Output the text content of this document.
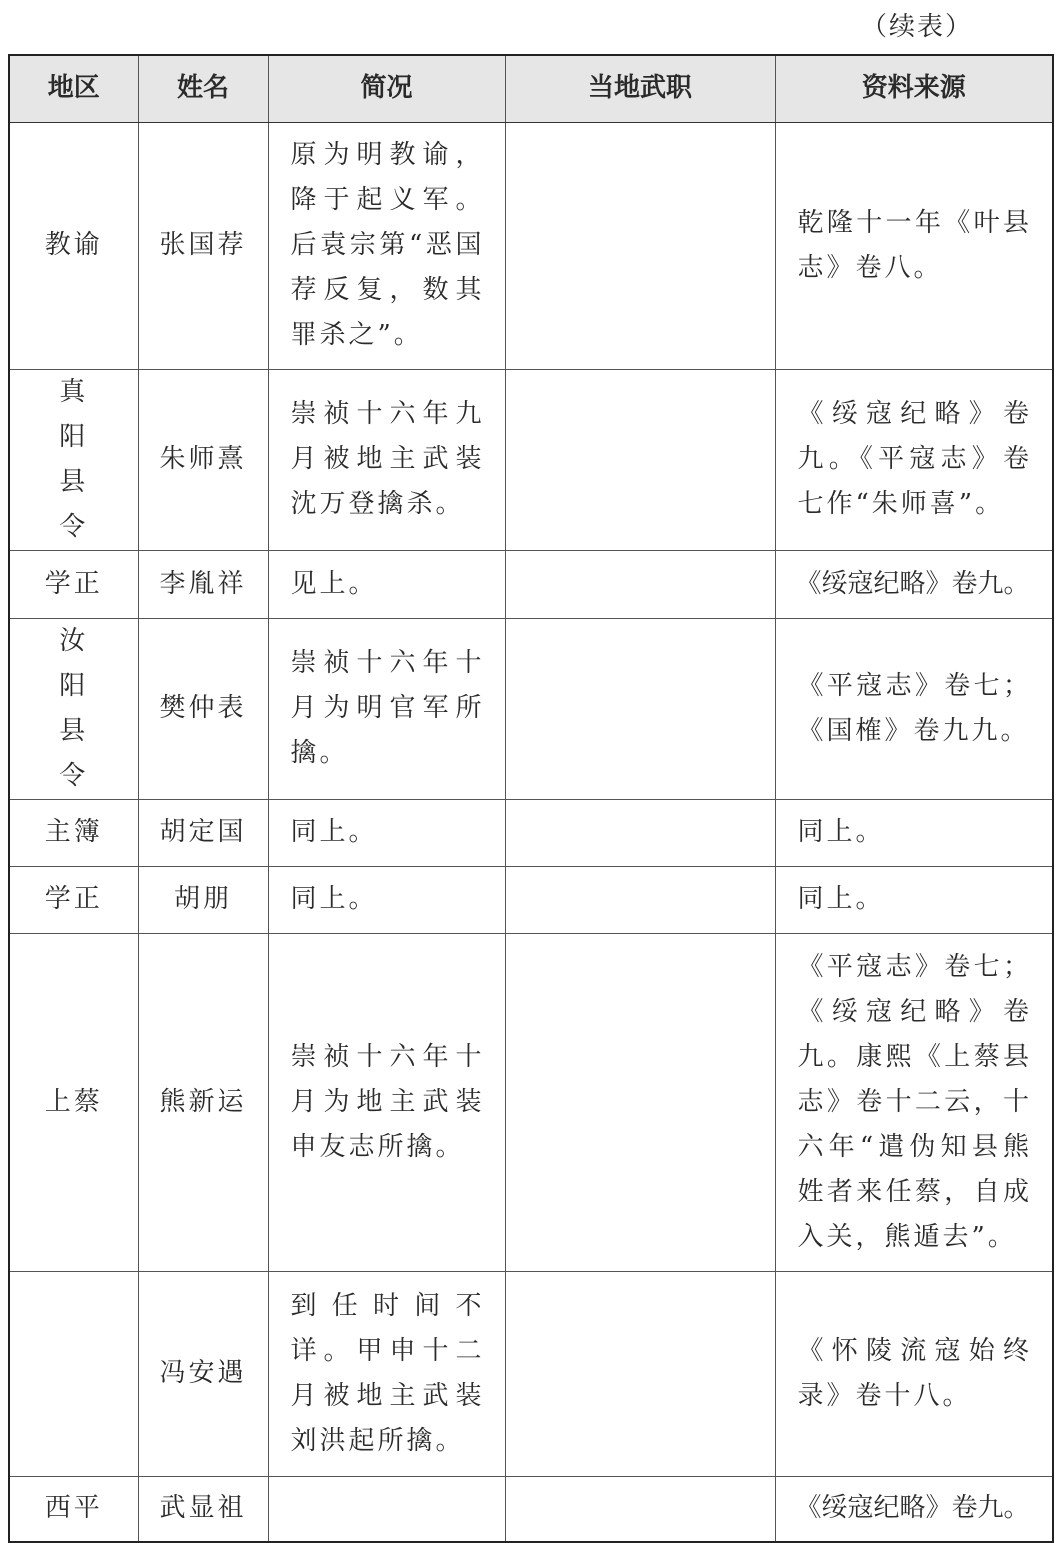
（续表）
地区	姓名	简况	当地武职	资料来源
教谕	张国荐	原为明教谕，降于起义军。后袁宗第“恶国荐反复，数其罪杀之”。		乾隆十一年《叶县志》卷八。
真阳县令	朱师熹	崇祯十六年九月被地主武装沈万登擒杀。		《绥寇纪略》卷九。《平寇志》卷七作“朱师喜”。
学正	李胤祥	见上。		《绥寇纪略》卷九。
汝阳县令	樊仲表	崇祯十六年十月为明官军所擒。		《平寇志》卷七；《国榷》卷九九。
主簿	胡定国	同上。		同上。
学正	胡朋	同上。		同上。
上蔡	熊新运	崇祯十六年十月为地主武装申友志所擒。		《平寇志》卷七；《绥寇纪略》卷九。康熙《上蔡县志》卷十二云，十六年“遣伪知县熊姓者来任蔡，自成入关，熊遁去”。
	冯安遇	到任时间不详。甲申十二月被地主武装刘洪起所擒。		《怀陵流寇始终录》卷十八。
西平	武显祖			《绥寇纪略》卷九。
